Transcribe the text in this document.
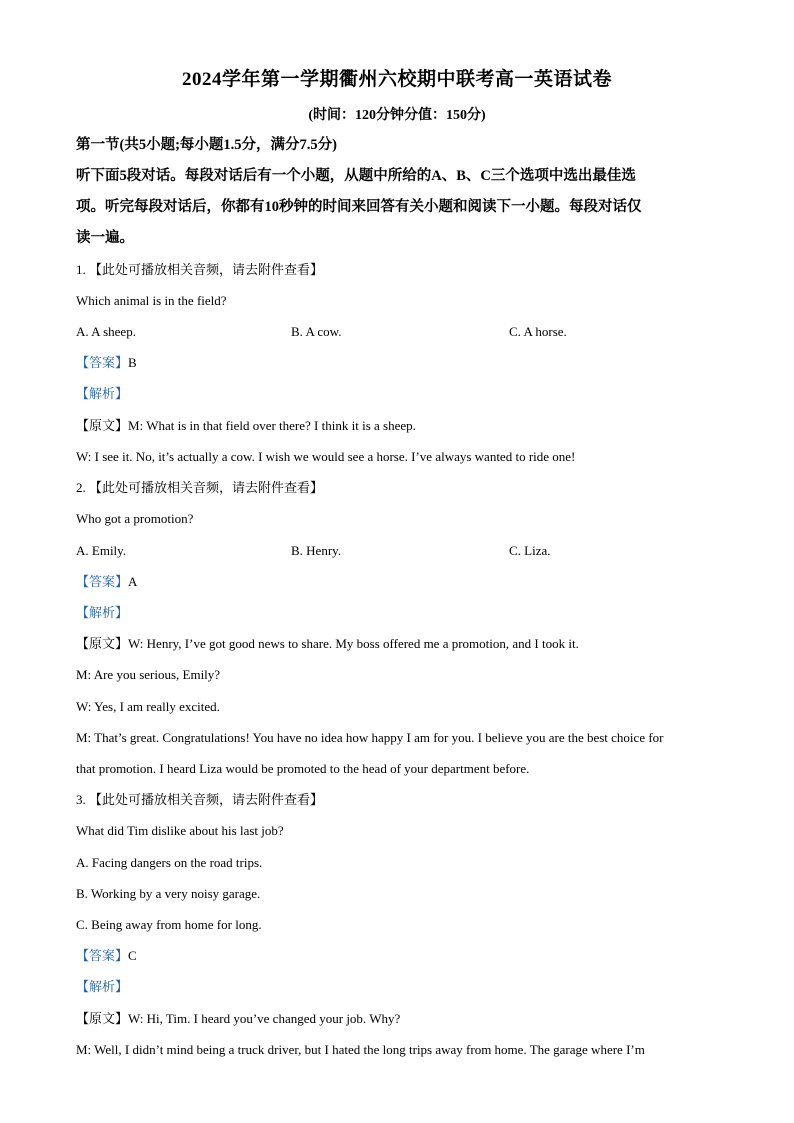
2024学年第一学期衢州六校期中联考高一英语试卷
(时间：120分钟分值：150分)
第一节(共5小题;每小题1.5分，满分7.5分)
听下面5段对话。每段对话后有一个小题，从题中所给的A、B、C三个选项中选出最佳选
项。听完每段对话后，你都有10秒钟的时间来回答有关小题和阅读下一小题。每段对话仅
读一遍。
1. 【此处可播放相关音频，请去附件查看】
Which animal is in the field?
A. A sheep.	B. A cow.	C. A horse.
【答案】B
【解析】
【原文】M: What is in that field over there? I think it is a sheep.
W: I see it. No, it’s actually a cow. I wish we would see a horse. I’ve always wanted to ride one!
2. 【此处可播放相关音频，请去附件查看】
Who got a promotion?
A. Emily.	B. Henry.	C. Liza.
【答案】A
【解析】
【原文】W: Henry, I’ve got good news to share. My boss offered me a promotion, and I took it.
M: Are you serious, Emily?
W: Yes, I am really excited.
M: That’s great. Congratulations! You have no idea how happy I am for you. I believe you are the best choice for
that promotion. I heard Liza would be promoted to the head of your department before.
3. 【此处可播放相关音频，请去附件查看】
What did Tim dislike about his last job?
A. Facing dangers on the road trips.
B. Working by a very noisy garage.
C. Being away from home for long.
【答案】C
【解析】
【原文】W: Hi, Tim. I heard you’ve changed your job. Why?
M: Well, I didn’t mind being a truck driver, but I hated the long trips away from home. The garage where I’m
